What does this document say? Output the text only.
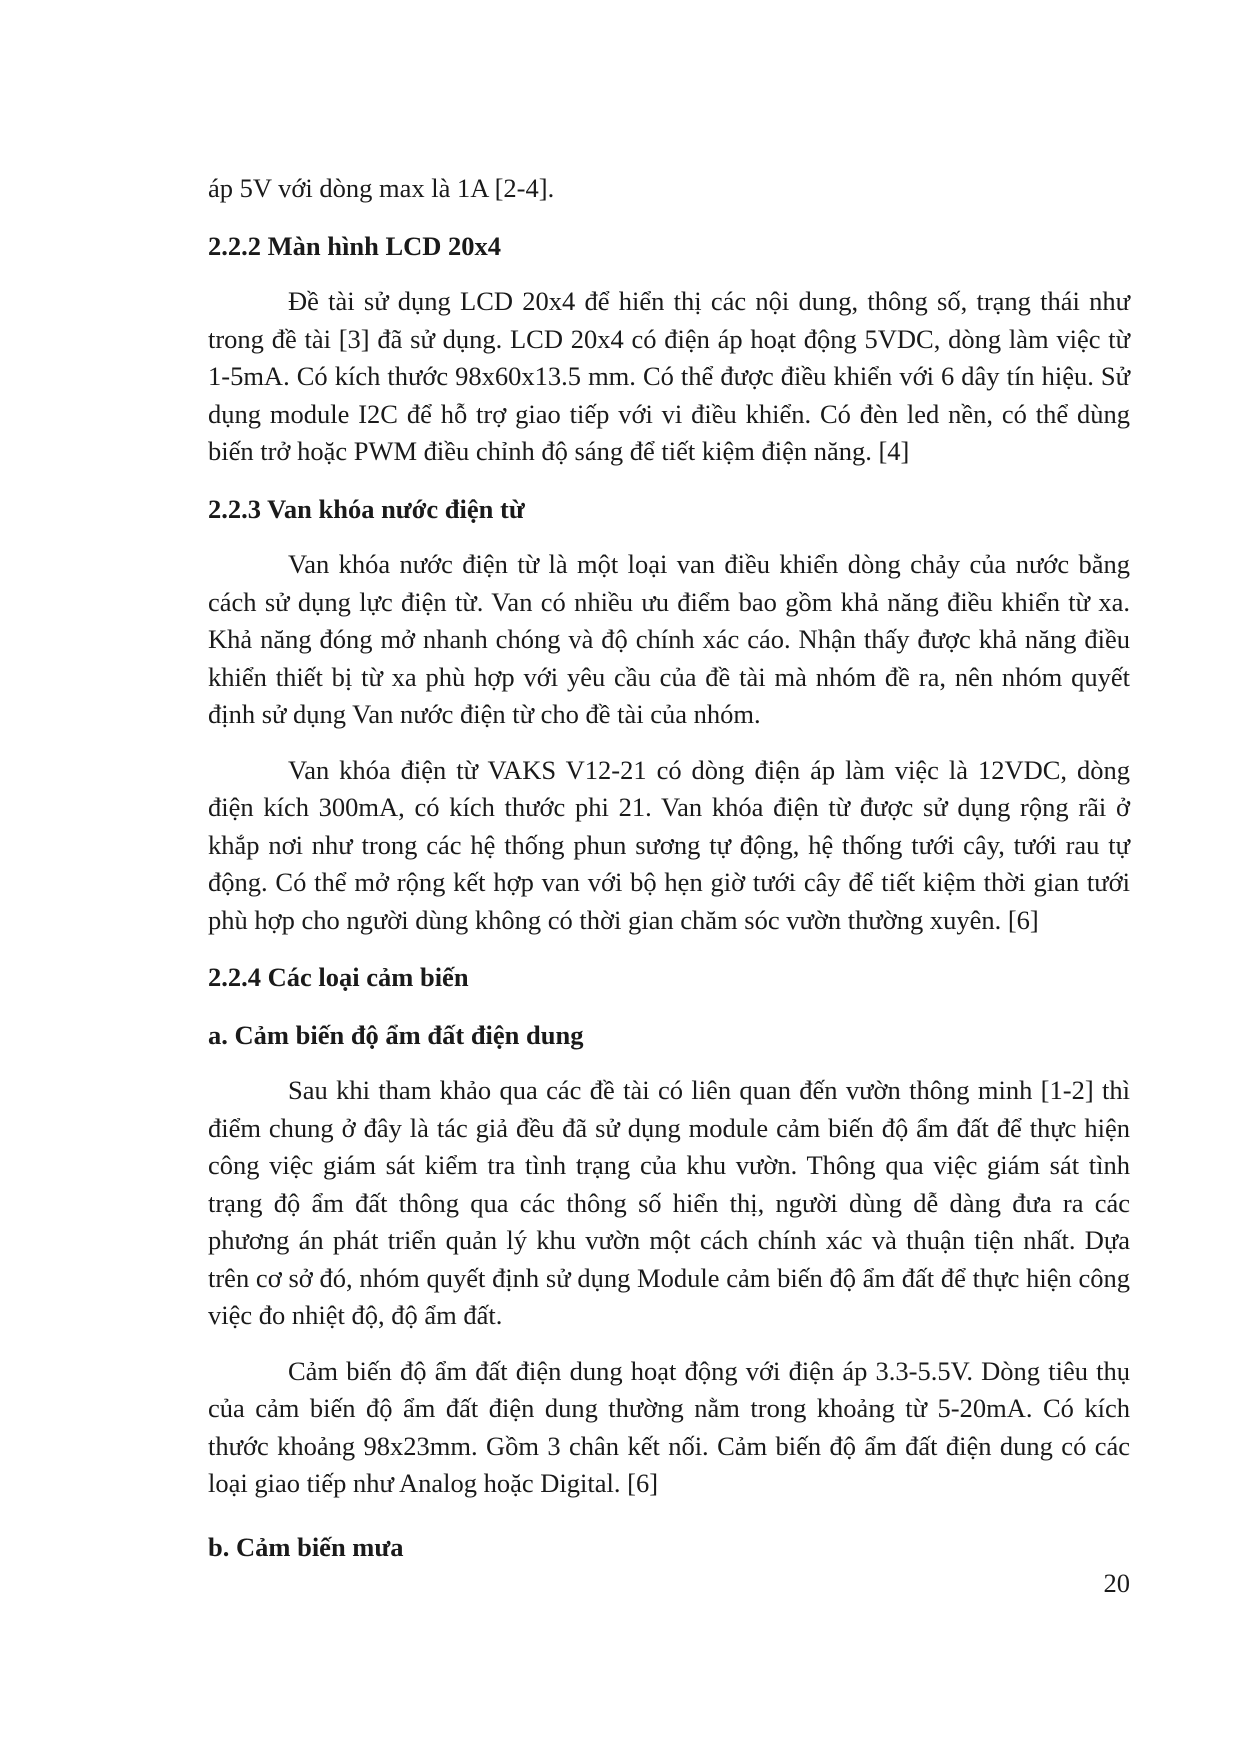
áp 5V với dòng max là 1A [2-4].

2.2.2 Màn hình LCD 20x4

Đề tài sử dụng LCD 20x4 để hiển thị các nội dung, thông số, trạng thái như trong đề tài [3] đã sử dụng. LCD 20x4 có điện áp hoạt động 5VDC, dòng làm việc từ 1-5mA. Có kích thước 98x60x13.5 mm. Có thể được điều khiển với 6 dây tín hiệu. Sử dụng module I2C để hỗ trợ giao tiếp với vi điều khiển. Có đèn led nền, có thể dùng biến trở hoặc PWM điều chỉnh độ sáng để tiết kiệm điện năng. [4]

2.2.3 Van khóa nước điện từ

Van khóa nước điện từ là một loại van điều khiển dòng chảy của nước bằng cách sử dụng lực điện từ. Van có nhiều ưu điểm bao gồm khả năng điều khiển từ xa. Khả năng đóng mở nhanh chóng và độ chính xác cáo. Nhận thấy được khả năng điều khiển thiết bị từ xa phù hợp với yêu cầu của đề tài mà nhóm đề ra, nên nhóm quyết định sử dụng Van nước điện từ cho đề tài của nhóm.

Van khóa điện từ VAKS V12-21 có dòng điện áp làm việc là 12VDC, dòng điện kích 300mA, có kích thước phi 21. Van khóa điện từ được sử dụng rộng rãi ở khắp nơi như trong các hệ thống phun sương tự động, hệ thống tưới cây, tưới rau tự động. Có thể mở rộng kết hợp van với bộ hẹn giờ tưới cây để tiết kiệm thời gian tưới phù hợp cho người dùng không có thời gian chăm sóc vườn thường xuyên. [6]

2.2.4 Các loại cảm biến
a. Cảm biến độ ẩm đất điện dung

Sau khi tham khảo qua các đề tài có liên quan đến vườn thông minh [1-2] thì điểm chung ở đây là tác giả đều đã sử dụng module cảm biến độ ẩm đất để thực hiện công việc giám sát kiểm tra tình trạng của khu vườn. Thông qua việc giám sát tình trạng độ ẩm đất thông qua các thông số hiển thị, người dùng dễ dàng đưa ra các phương án phát triển quản lý khu vườn một cách chính xác và thuận tiện nhất. Dựa trên cơ sở đó, nhóm quyết định sử dụng Module cảm biến độ ẩm đất để thực hiện công việc đo nhiệt độ, độ ẩm đất.

Cảm biến độ ẩm đất điện dung hoạt động với điện áp 3.3-5.5V. Dòng tiêu thụ của cảm biến độ ẩm đất điện dung thường nằm trong khoảng từ 5-20mA. Có kích thước khoảng 98x23mm. Gồm 3 chân kết nối. Cảm biến độ ẩm đất điện dung có các loại giao tiếp như Analog hoặc Digital. [6]

b. Cảm biến mưa
20
